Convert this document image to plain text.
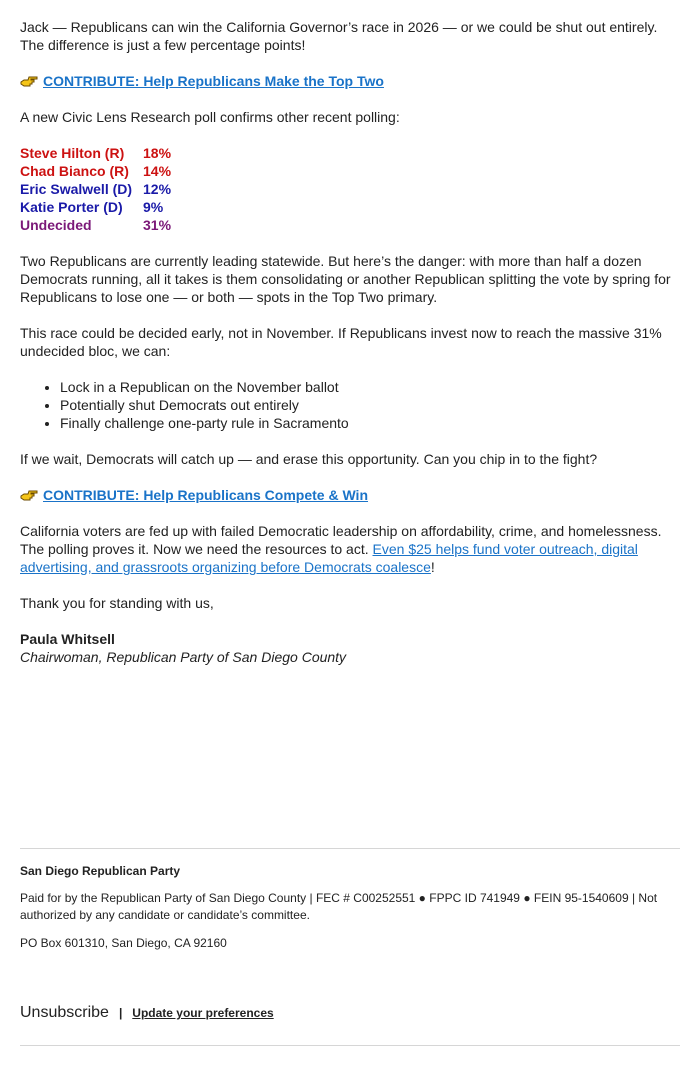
Jack — Republicans can win the California Governor’s race in 2026 — or we could be shut out entirely.

The difference is just a few percentage points!

CONTRIBUTE: Help Republicans Make the Top Two

A new Civic Lens Research poll confirms other recent polling:

Steve Hilton (R)	18%
Chad Bianco (R)	14%
Eric Swalwell (D) 12%
Katie Porter (D)	9%
Undecided	31%

Two Republicans are currently leading statewide. But here’s the danger: with more than half a dozen

Democrats running, all it takes is them consolidating or another Republican splitting the vote by spring for

Republicans to lose one — or both — spots in the Top Two primary.

This race could be decided early, not in November. If Republicans invest now to reach the massive 31%

undecided bloc, we can:

• Lock in a Republican on the November ballot
• Potentially shut Democrats out entirely
• Finally challenge one-party rule in Sacramento

If we wait, Democrats will catch up — and erase this opportunity. Can you chip in to the fight?

CONTRIBUTE: Help Republicans Compete & Win

California voters are fed up with failed Democratic leadership on affordability, crime, and homelessness.

The polling proves it. Now we need the resources to act. Even $25 helps fund voter outreach, digital

advertising, and grassroots organizing before Democrats coalesce!

Thank you for standing with us,

Paula Whitsell

Chairwoman, Republican Party of San Diego County

San Diego Republican Party
Paid for by the Republican Party of San Diego County | FEC # C00252551 ● FPPC ID 741949 ● FEIN 95-1540609 | Not
authorized by any candidate or candidate’s committee.
PO Box 601310, San Diego, CA 92160
Unsubscribe | Update your preferences
